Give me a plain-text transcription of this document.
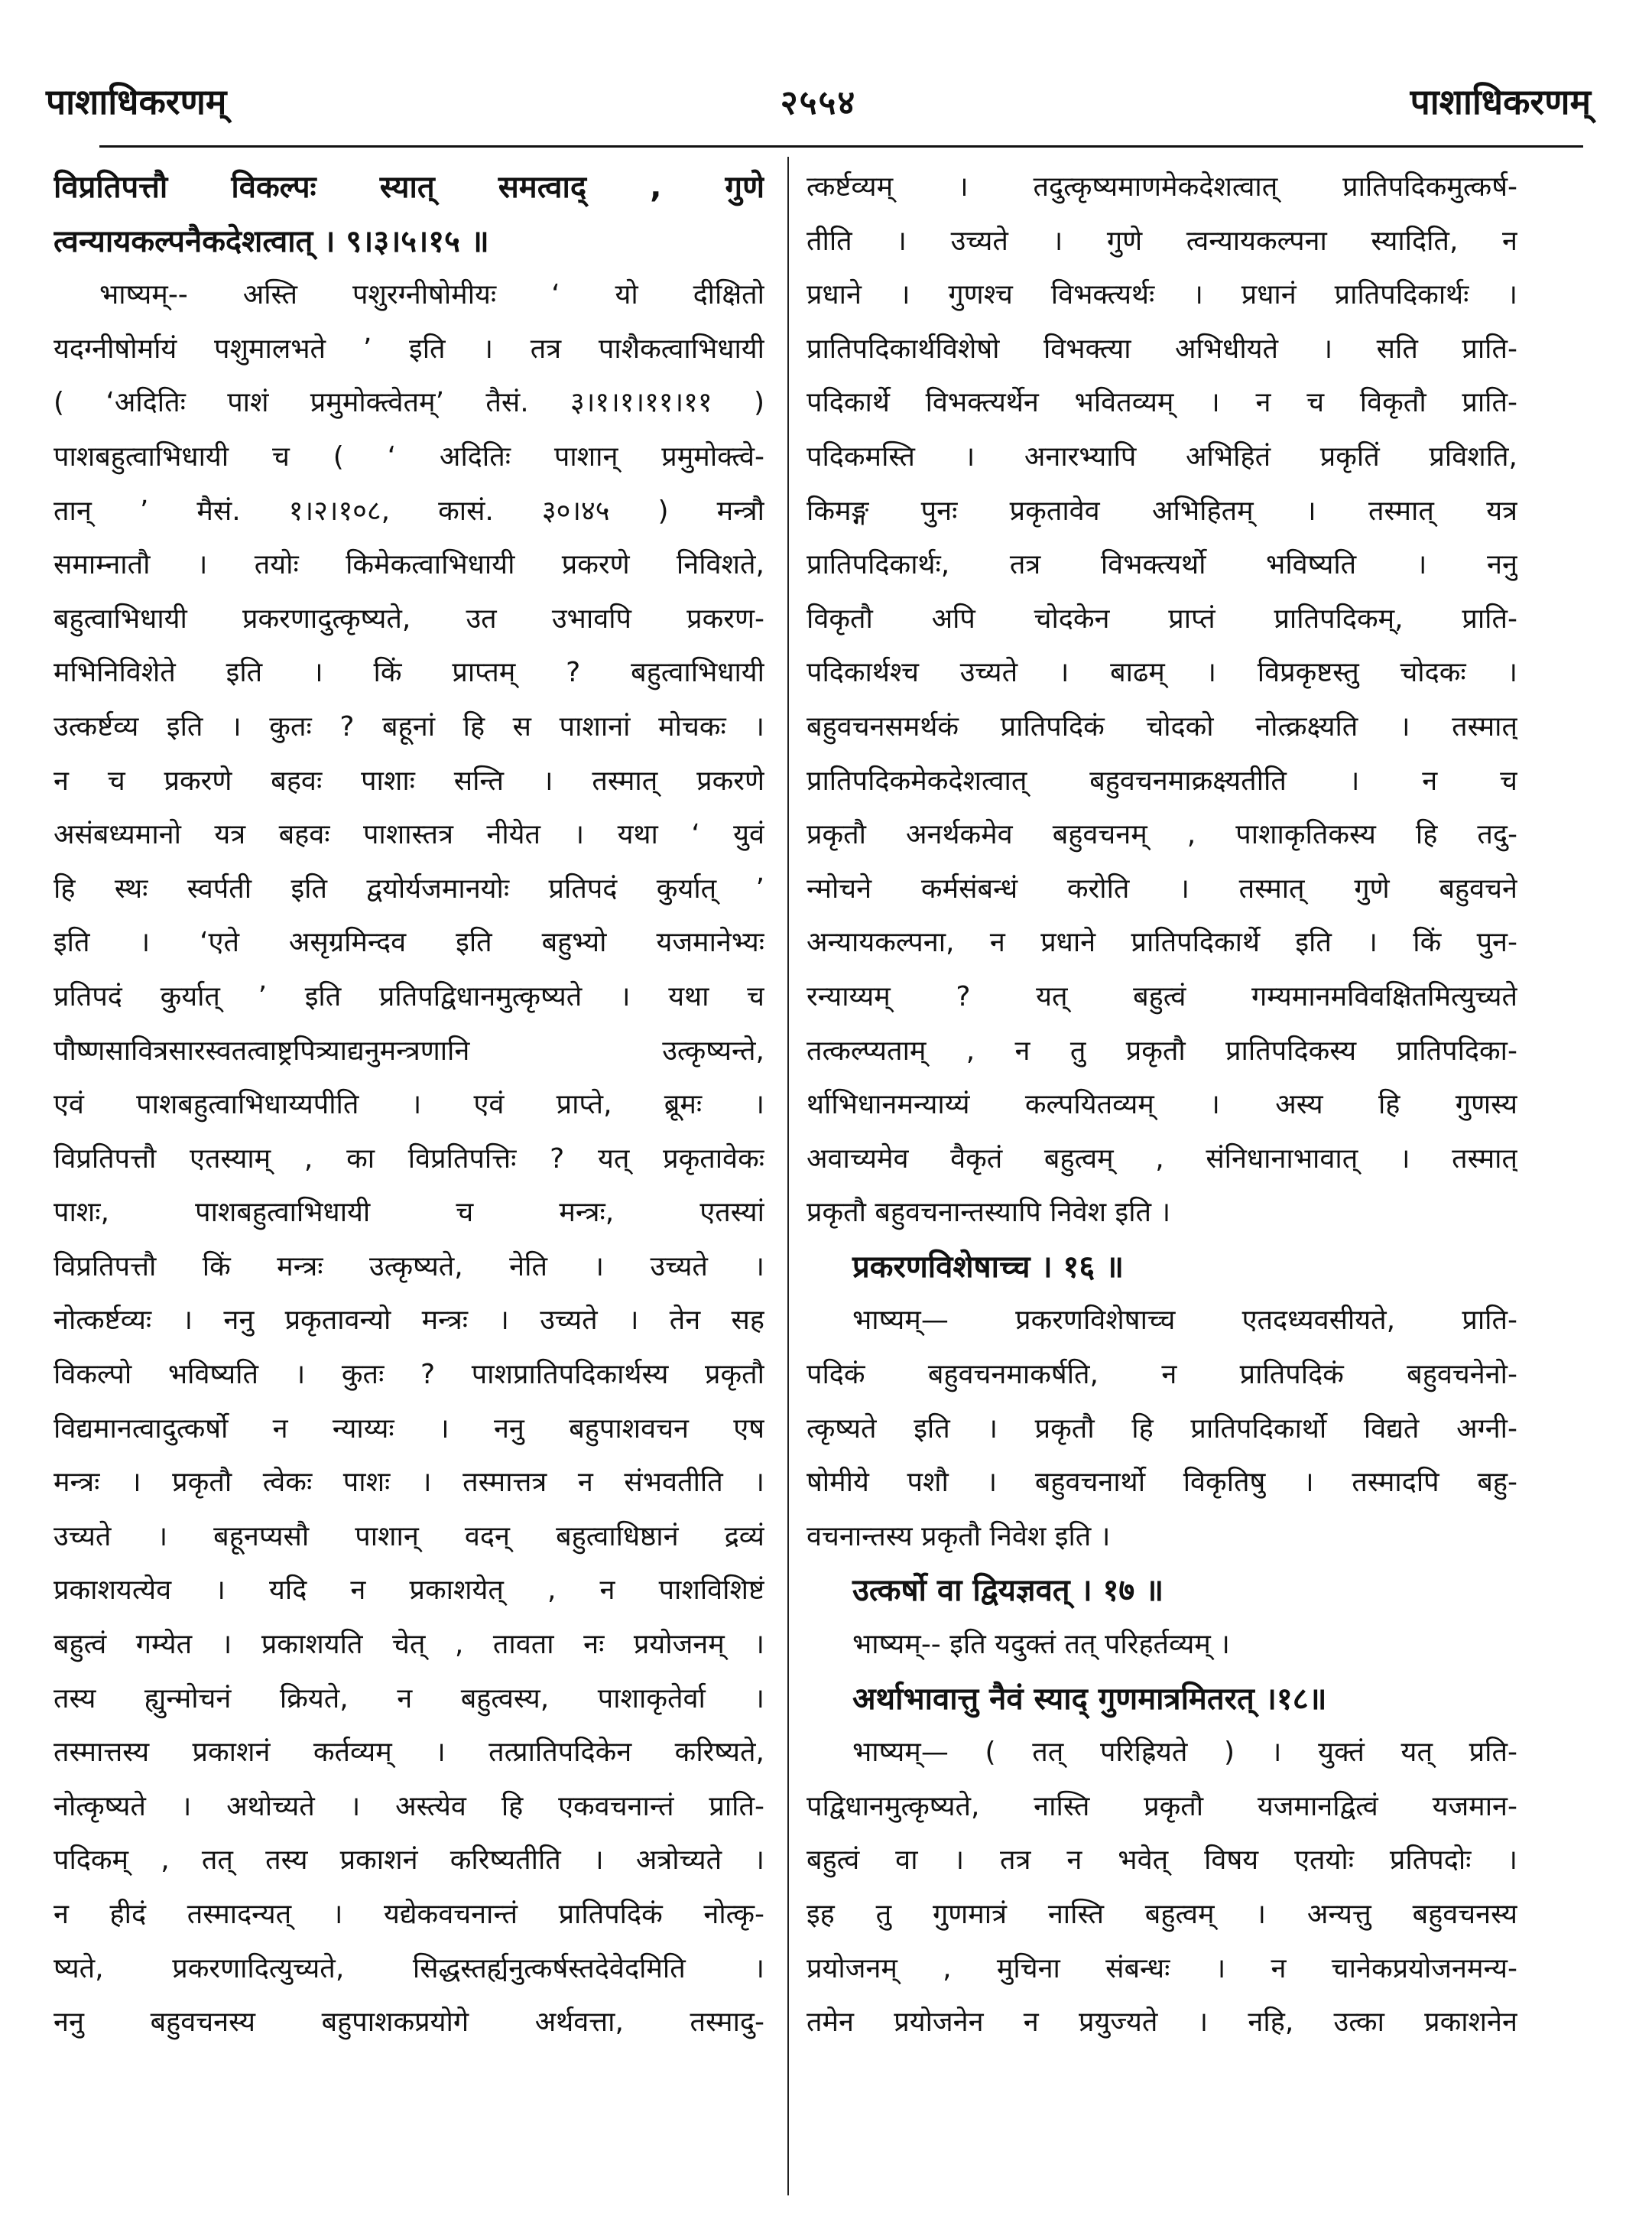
पाशाधिकरणम्	२५५४	पाशाधिकरणम्
विप्रतिपत्तौ विकल्पः स्यात् समत्वाद् , गुणे
त्वन्यायकल्पनैकदेशत्वात् । ९।३।५।१५ ॥
भाष्यम्-- अस्ति पशुरग्नीषोमीयः ‘ यो दीक्षितो
यदग्नीषोर्मायं पशुमालभते ’ इति । तत्र पाशैकत्वाभिधायी
( ‘अदितिः पाशं प्रमुमोक्त्वेतम्’ तैसं. ३।१।१।११।११ )
पाशबहुत्वाभिधायी च ( ‘ अदितिः पाशान् प्रमुमोक्त्वे-
तान् ’ मैसं. १।२।१०८, कासं. ३०।४५ ) मन्त्रौ
समाम्नातौ । तयोः किमेकत्वाभिधायी प्रकरणे निविशते,
बहुत्वाभिधायी प्रकरणादुत्कृष्यते, उत उभावपि प्रकरण-
मभिनिविशेते इति । किं प्राप्तम् ? बहुत्वाभिधायी
उत्कर्ष्टव्य इति । कुतः ? बहूनां हि स पाशानां मोचकः ।
न च प्रकरणे बहवः पाशाः सन्ति । तस्मात् प्रकरणे
असंबध्यमानो यत्र बहवः पाशास्तत्र नीयेत । यथा ‘ युवं
हि स्थः स्वर्पती इति द्वयोर्यजमानयोः प्रतिपदं कुर्यात् ’
इति । ‘एते असृग्रमिन्दव इति बहुभ्यो यजमानेभ्यः
प्रतिपदं कुर्यात् ’ इति प्रतिपद्विधानमुत्कृष्यते । यथा च
पौष्णसावित्रसारस्वतत्वाष्ट्रपित्र्याद्यनुमन्त्रणानि उत्कृष्यन्ते,
एवं पाशबहुत्वाभिधाय्यपीति । एवं प्राप्ते, ब्रूमः ।
विप्रतिपत्तौ एतस्याम् , का विप्रतिपत्तिः ? यत् प्रकृतावेकः
पाशः, पाशबहुत्वाभिधायी च मन्त्रः, एतस्यां
विप्रतिपत्तौ किं मन्त्रः उत्कृष्यते, नेति । उच्यते ।
नोत्कर्ष्टव्यः । ननु प्रकृतावन्यो मन्त्रः । उच्यते । तेन सह
विकल्पो भविष्यति । कुतः ? पाशप्रातिपदिकार्थस्य प्रकृतौ
विद्यमानत्वादुत्कर्षो न न्याय्यः । ननु बहुपाशवचन एष
मन्त्रः । प्रकृतौ त्वेकः पाशः । तस्मात्तत्र न संभवतीति ।
उच्यते । बहूनप्यसौ पाशान् वदन् बहुत्वाधिष्ठानं द्रव्यं
प्रकाशयत्येव । यदि न प्रकाशयेत् , न पाशविशिष्टं
बहुत्वं गम्येत । प्रकाशयति चेत् , तावता नः प्रयोजनम् ।
तस्य ह्युन्मोचनं क्रियते, न बहुत्वस्य, पाशाकृतेर्वा ।
तस्मात्तस्य प्रकाशनं कर्तव्यम् । तत्प्रातिपदिकेन करिष्यते,
नोत्कृष्यते । अथोच्यते । अस्त्येव हि एकवचनान्तं प्राति-
पदिकम् , तत् तस्य प्रकाशनं करिष्यतीति । अत्रोच्यते ।
न हीदं तस्मादन्यत् । यद्येकवचनान्तं प्रातिपदिकं नोत्कृ-
ष्यते, प्रकरणादित्युच्यते, सिद्धस्तर्ह्यनुत्कर्षस्तदेवेदमिति ।
ननु बहुवचनस्य बहुपाशकप्रयोगे अर्थवत्ता, तस्मादु-
त्कर्ष्टव्यम् । तदुत्कृष्यमाणमेकदेशत्वात् प्रातिपदिकमुत्कर्ष-
तीति । उच्यते । गुणे त्वन्यायकल्पना स्यादिति, न
प्रधाने । गुणश्च विभक्त्यर्थः । प्रधानं प्रातिपदिकार्थः ।
प्रातिपदिकार्थविशेषो विभक्त्या अभिधीयते । सति प्राति-
पदिकार्थे विभक्त्यर्थेन भवितव्यम् । न च विकृतौ प्राति-
पदिकमस्ति । अनारभ्यापि अभिहितं प्रकृतिं प्रविशति,
किमङ्ग पुनः प्रकृतावेव अभिहितम् । तस्मात् यत्र
प्रातिपदिकार्थः, तत्र विभक्त्यर्थो भविष्यति । ननु
विकृतौ अपि चोदकेन प्राप्तं प्रातिपदिकम्, प्राति-
पदिकार्थश्च उच्यते । बाढम् । विप्रकृष्टस्तु चोदकः ।
बहुवचनसमर्थकं प्रातिपदिकं चोदको नोत्क्रक्ष्यति । तस्मात्
प्रातिपदिकमेकदेशत्वात् बहुवचनमाक्रक्ष्यतीति । न च
प्रकृतौ अनर्थकमेव बहुवचनम् , पाशाकृतिकस्य हि तदु-
न्मोचने कर्मसंबन्धं करोति । तस्मात् गुणे बहुवचने
अन्यायकल्पना, न प्रधाने प्रातिपदिकार्थे इति । किं पुन-
रन्याय्यम् ? यत् बहुत्वं गम्यमानमविवक्षितमित्युच्यते
तत्कल्प्यताम् , न तु प्रकृतौ प्रातिपदिकस्य प्रातिपदिका-
र्थाभिधानमन्याय्यं कल्पयितव्यम् । अस्य हि गुणस्य
अवाच्यमेव वैकृतं बहुत्वम् , संनिधानाभावात् । तस्मात्
प्रकृतौ बहुवचनान्तस्यापि निवेश इति ।
प्रकरणविशेषाच्च । १६ ॥
भाष्यम्— प्रकरणविशेषाच्च एतदध्यवसीयते, प्राति-
पदिकं बहुवचनमाकर्षति, न प्रातिपदिकं बहुवचनेनो-
त्कृष्यते इति । प्रकृतौ हि प्रातिपदिकार्थो विद्यते अग्नी-
षोमीये पशौ । बहुवचनार्थो विकृतिषु । तस्मादपि बहु-
वचनान्तस्य प्रकृतौ निवेश इति ।
उत्कर्षो वा द्वियज्ञवत् । १७ ॥
भाष्यम्-- इति यदुक्तं तत् परिहर्तव्यम् ।
अर्थाभावात्तु नैवं स्याद् गुणमात्रमितरत् ।१८॥
भाष्यम्— ( तत् परिह्रियते ) । युक्तं यत् प्रति-
पद्विधानमुत्कृष्यते, नास्ति प्रकृतौ यजमानद्वित्वं यजमान-
बहुत्वं वा । तत्र न भवेत् विषय एतयोः प्रतिपदोः ।
इह तु गुणमात्रं नास्ति बहुत्वम् । अन्यत्तु बहुवचनस्य
प्रयोजनम् , मुचिना संबन्धः । न चानेकप्रयोजनमन्य-
तमेन प्रयोजनेन न प्रयुज्यते । नहि, उत्का प्रकाशनेन
